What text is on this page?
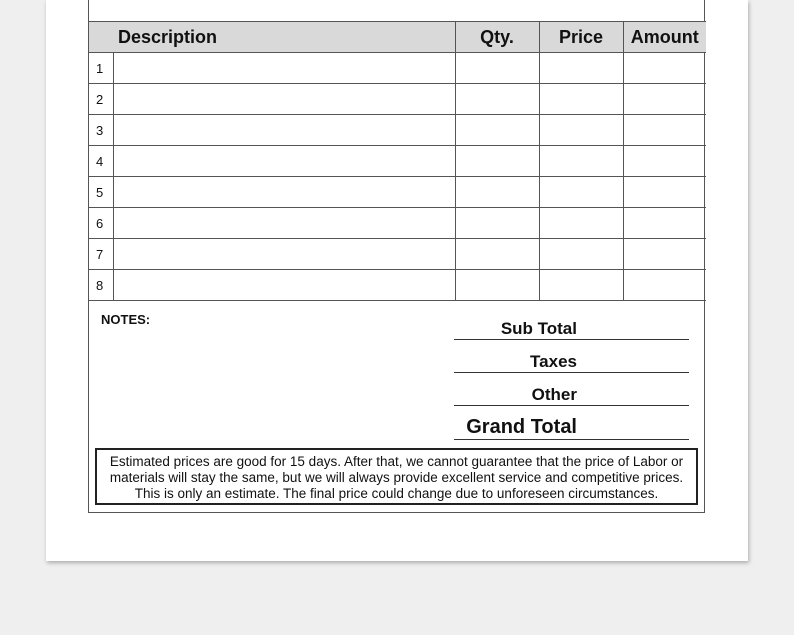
Description		Qty.	Price	Amount
1				
2				
3				
4				
5				
6				
7				
8				
NOTES:	Sub Total
Taxes
Other
Grand Total
Estimated prices are good for 15 days. After that, we cannot guarantee that the price of Labor or
materials will stay the same, but we will always provide excellent service and competitive prices.
This is only an estimate. The final price could change due to unforeseen circumstances.
